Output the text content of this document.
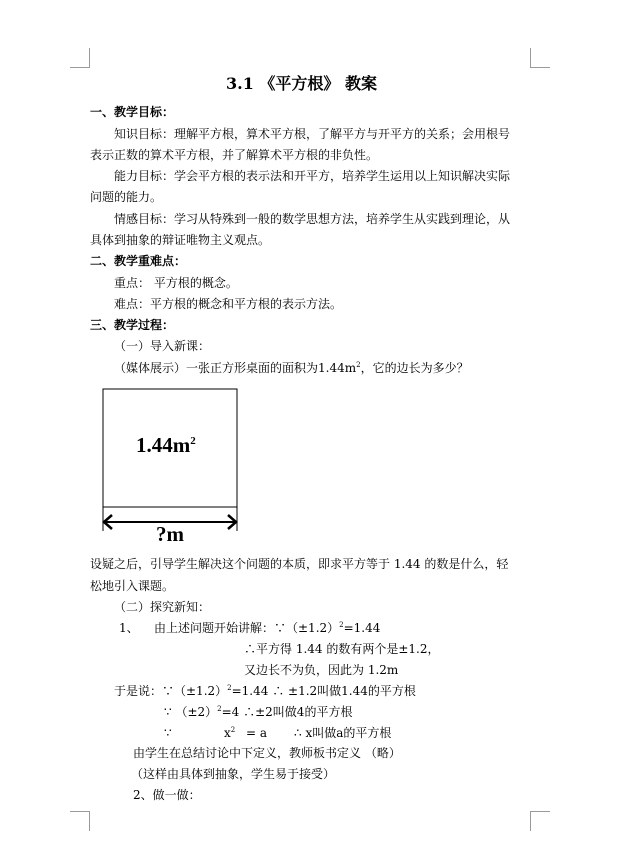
3.1 《平方根》 教案
一、教学目标：
知识目标：理解平方根，算术平方根，了解平方与开平方的关系；会用根号
表示正数的算术平方根，并了解算术平方根的非负性。
能力目标：学会平方根的表示法和开平方，培养学生运用以上知识解决实际
问题的能力。
情感目标：学习从特殊到一般的数学思想方法，培养学生从实践到理论，从
具体到抽象的辩证唯物主义观点。
二、教学重难点：
重点： 平方根的概念。
难点：平方根的概念和平方根的表示方法。
三、教学过程：
（一）导入新课：
（媒体展示）一张正方形桌面的面积为$1.44m^2$，它的边长为多少？
$1.44m^2$
?m
设疑之后，引导学生解决这个问题的本质，即求平方等于 1.44 的数是什么，轻
松地引入课题。
（二）探究新知：
1、 由上述问题开始讲解：$\because(\pm 1.2)^2=1.44$
∴平方得 1.44 的数有两个是±1.2，
又边长不为负，因此为 1.2m
于是说：$\because(\pm 1.2)^2=1.44$ ∴ ±1.2叫做1.44的平方根
∵ $(\pm 2)^2=4$ ∴±2叫做4的平方根
∵	$x^2 = a$ ∴ x叫做a的平方根
由学生在总结讨论中下定义，教师板书定义 （略）
（这样由具体到抽象，学生易于接受）
2、做一做：
